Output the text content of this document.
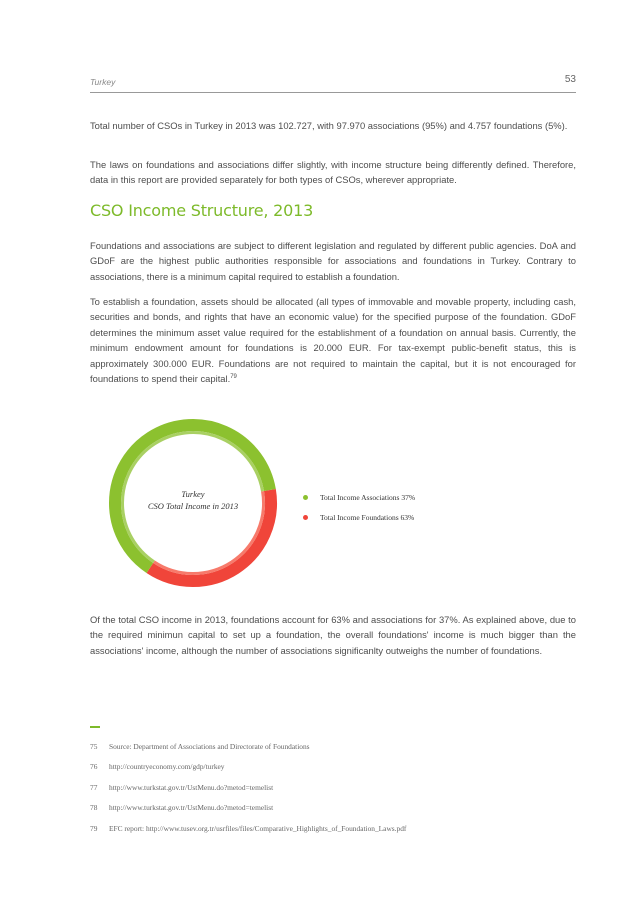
Turkey	53

Total number of CSOs in Turkey in 2013 was 102.727, with 97.970 associations (95%) and 4.757 foundations (5%).

The laws on foundations and associations differ slightly, with income structure being differently defined. Therefore, data in this report are provided separately for both types of CSOs, wherever appropriate.

CSO Income Structure, 2013

Foundations and associations are subject to different legislation and regulated by different public agencies. DoA and GDoF are the highest public authorities responsible for associations and foundations in Turkey. Contrary to associations, there is a minimum capital required to establish a foundation.

To establish a foundation, assets should be allocated (all types of immovable and movable property, including cash, securities and bonds, and rights that have an economic value) for the specified purpose of the foundation. GDoF determines the minimum asset value required for the establishment of a foundation on annual basis. Currently, the minimum endowment amount for foundations is 20.000 EUR. For tax-exempt public-benefit status, this is approximately 300.000 EUR. Foundations are not required to maintain the capital, but it is not encouraged for foundations to spend their capital.$^{79}$

Turkey
CSO Total Income in 2013
Total Income Associations 37%
Total Income Foundations 63%

Of the total CSO income in 2013, foundations account for 63% and associations for 37%. As explained above, due to the required minimun capital to set up a foundation, the overall foundations' income is much bigger than the associations' income, although the number of associations significanlty outweighs the number of foundations.

75 Source: Department of Associations and Directorate of Foundations
76 http://countryeconomy.com/gdp/turkey
77 http://www.turkstat.gov.tr/UstMenu.do?metod=temelist
78 http://www.turkstat.gov.tr/UstMenu.do?metod=temelist
79 EFC report: http://www.tusev.org.tr/usrfiles/files/Comparative_Highlights_of_Foundation_Laws.pdf
